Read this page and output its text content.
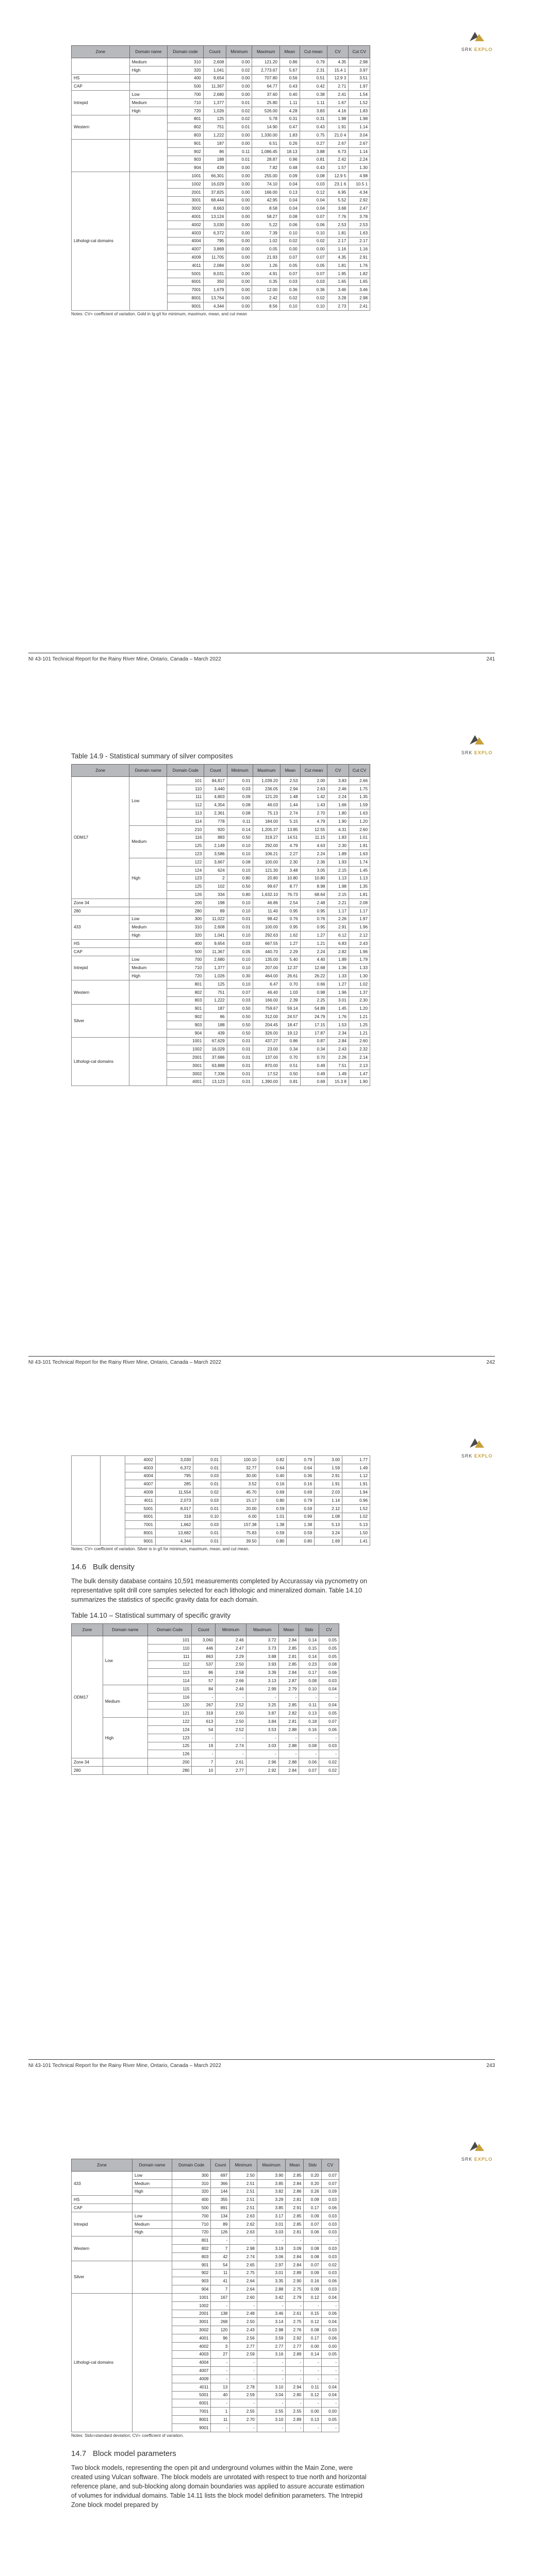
SRK EXPLO
Zone	Domain name	Domain code	Count	Minimum	Maximum	Mean	Cut mean	CV	Cut CV
	Medium	310	2,608	0.00	121.20	0.86	0.79	4.35	2.98
	High	320	1,041	0.02	2,773.67	5.67	2.31	15.4 1	3.97
HS		400	9,654	0.00	707.80	0.56	0.51	12.9 3	3.51
CAP		500	11,367	0.00	64.77	0.43	0.42	2.71	1.97
Intrepid	Low	700	2,680	0.00	37.60	0.40	0.38	2.41	1.54
	Medium	710	1,377	0.01	25.80	1.11	1.11	1.67	1.52
	High	720	1,026	0.02	526.00	4.28	3.83	4.16	1.83
Western		801	125	0.02	5.78	0.31	0.31	1.98	1.98
		802	751	0.01	14.90	0.47	0.43	1.91	1.14
		803	1,222	0.00	1,330.00	1.83	0.75	21.0 4	3.04
		901	187	0.00	6.51	0.26	0.27	2.67	2.67
		902	86	0.11	1,086.45	18.13	3.88	6.73	1.14
		903	188	0.01	28.87	0.96	0.81	2.42	2.24
		904	439	0.00	7.82	0.48	0.43	1.57	1.30
Lithologi-cal domains		1001	66,301	0.00	255.00	0.09	0.08	12.9 5	4.98
		1002	16,029	0.00	74.10	0.04	0.03	23.1 6	10.5 1
		2001	37,825	0.00	166.00	0.13	0.12	6.95	4.34
		3001	68,444	0.00	42.95	0.04	0.04	5.52	2.92
		3002	8,663	0.00	8.58	0.04	0.04	3.68	2.47
		4001	13,124	0.00	58.27	0.08	0.07	7.76	3.78
		4002	3,030	0.00	5.22	0.06	0.06	2.53	2.53
		4003	6,372	0.00	7.39	0.10	0.10	1.81	1.63
		4004	795	0.00	1.02	0.02	0.02	2.17	2.17
		4007	3,869	0.00	0.05	0.00	0.00	1.16	1.16
		4009	11,705	0.00	21.93	0.07	0.07	4.35	2.91
		4011	2,084	0.00	1.26	0.05	0.05	1.81	1.76
		5001	8,031	0.00	4.91	0.07	0.07	1.95	1.82
		6001	350	0.00	0.35	0.03	0.03	1.65	1.65
		7001	1,679	0.00	12.00	0.36	0.36	3.46	3.46
		8001	13,764	0.00	2.42	0.02	0.02	3.28	2.98
		9001	4,344	0.00	8.56	0.10	0.10	2.73	2.41
Notes: CV= coefficient of variation. Gold in Ig g/t for minimum, maximum, mean, and cut mean
NI 43-101 Technical Report for the Rainy River Mine, Ontario, Canada – March 2022	241
SRK EXPLO
Table 14.9 - Statistical summary of silver composites
Zone	Domain name	Domain Code	Count	Minimum	Maximum	Mean	Cut mean	CV	Cut CV
ODM17	Low	101	84,817	0.01	1,039.20	2.53	2.00	3.83	2.66
		110	3,440	0.03	236.05	2.94	2.63	2.46	1.75
		111	4,803	0.09	121.20	1.48	1.42	2.24	1.35
		112	4,354	0.08	46.03	1.44	1.43	1.66	1.59
		113	2,361	0.08	75.13	2.74	2.70	1.80	1.63
		114	778	0.11	184.00	5.15	4.79	1.90	1.20
	Medium	210	920	0.14	1,205.37	13.85	12.55	4.31	2.60
		116	883	0.50	319.27	14.51	11.15	1.83	1.01
		125	2,149	0.10	292.00	4.79	4.63	2.30	1.91
		123	3,586	0.10	106.21	2.27	2.24	1.89	1.63
	High	122	3,667	0.08	100.00	2.30	2.36	1.93	1.74
		124	624	0.10	121.30	3.48	3.05	2.15	1.45
		123	2	0.80	20.80	10.80	10.80	1.13	1.13
		125	102	0.50	99.67	8.77	8.98	1.98	1.35
		126	334	0.80	1,632.10	76.73	68.64	2.15	1.81
Zone 34		200	198	0.10	46.86	2.54	2.48	2.21	2.08
280		280	89	0.10	11.40	0.95	0.95	1.17	1.17
433	Low	300	11,022	0.01	98.42	0.76	0.76	2.26	1.97
	Medium	310	2,608	0.01	100.00	0.95	0.95	2.91	1.96
	High	320	1,041	0.10	292.63	1.62	1.27	6.12	2.12
HS		400	9,654	0.03	667.55	1.27	1.21	6.83	2.43
CAP		500	11,367	0.05	440.70	2.29	2.24	2.82	1.96
Intrepid	Low	700	2,680	0.10	135.00	5.40	4.40	1.89	1.79
	Medium	710	1,377	0.10	207.00	12.37	12.68	1.36	1.33
	High	720	1,026	0.30	464.00	26.61	26.22	1.33	1.30
Western		801	125	0.10	6.47	0.70	0.66	1.27	1.02
		802	751	0.07	46.40	1.03	0.98	1.96	1.37
		803	1,222	0.03	166.00	2.39	2.25	3.01	2.30
Silver		901	187	0.50	759.67	59.14	54.89	1.45	1.20
		902	86	0.50	312.00	24.57	24.79	1.76	1.21
		903	188	0.50	204.45	18.47	17.15	1.53	1.25
		904	439	0.50	326.00	19.12	17.87	2.34	1.21
Lithologi-cal domains		1001	67,629	0.01	437.27	0.86	0.87	2.84	2.60
		1002	16,029	0.01	23.00	0.34	0.34	2.43	2.32
		2001	37,686	0.01	137.00	0.70	0.70	2.26	2.14
		3001	63,888	0.01	870.00	0.51	0.49	7.51	2.13
		3002	7,336	0.01	17.52	0.50	0.49	1.49	1.47
		4001	13,123	0.01	1,390.00	0.81	0.69	15.3 8	1.90
NI 43-101 Technical Report for the Rainy River Mine, Ontario, Canada – March 2022	242
SRK EXPLO
		4002	3,030	0.01	100.10	0.82	0.79	3.00	1.77
		4003	6,372	0.01	32.77	0.64	0.64	1.59	1.49
		4004	795	0.03	30.00	0.40	0.36	2.91	1.12
		4007	285	0.01	3.52	0.16	0.16	1.91	1.91
		4009	11,554	0.02	45.70	0.69	0.69	2.03	1.94
		4011	2,073	0.03	15.17	0.80	0.79	1.14	0.96
		5001	8,017	0.01	20.00	0.59	0.59	2.12	1.52
		6001	318	0.10	6.00	1.01	0.99	1.08	1.02
		7001	1,662	0.03	157.38	1.38	1.38	5.13	5.13
		8001	13,682	0.01	75.83	0.59	0.59	3.24	1.50
		9001	4,344	0.01	39.50	0.80	0.80	1.69	1.41
Notes: CV= coefficient of variation. Silver is in g/t for minimum, maximum, mean, and cut mean.
14.6 Bulk density

The bulk density database contains 10,591 measurements completed by Accurassay via pycnometry on representative split drill core samples selected for each lithologic and mineralized domain. Table 14.10 summarizes the statistics of specific gravity data for each domain.

Table 14.10 – Statistical summary of specific gravity
Zone	Domain name	Domain Code	Count	Minimum	Maximum	Mean	Stdv	CV
ODM17	Low	101	3,060	2.46	3.72	2.84	0.14	0.05
		110	446	2.47	3.73	2.85	0.15	0.05
		111	863	2.29	3.88	2.81	0.14	0.05
		112	537	2.50	3.93	2.85	0.23	0.08
		113	86	2.58	3.39	2.84	0.17	0.06
		114	57	2.66	3.13	2.87	0.08	0.03
	Medium	115	84	2.46	2.99	2.79	0.10	0.04
		116	-	-	-	-	-	-
		120	267	2.52	3.25	2.85	0.11	0.04
		121	319	2.50	3.87	2.82	0.13	0.05
	High	122	613	2.50	3.84	2.81	0.18	0.07
		124	54	2.52	3.53	2.88	0.16	0.06
		123	-	-	-	-	-	-
		125	19	2.74	3.03	2.88	0.08	0.03
		126	-	-	-	-	-	-
Zone 34		200	7	2.61	2.96	2.88	0.06	0.02
280		280	10	2.77	2.92	2.84	0.07	0.02
NI 43-101 Technical Report for the Rainy River Mine, Ontario, Canada – March 2022	243
SRK EXPLO
Zone	Domain name	Domain Code	Count	Minimum	Maximum	Mean	Stdv	CV
433	Low	300	697	2.50	3.90	2.85	0.20	0.07
	Medium	310	366	2.51	3.85	2.84	0.20	0.07
	High	320	144	2.51	3.82	2.86	0.26	0.09
HS		400	355	2.51	3.29	2.81	0.09	0.03
CAP		500	891	2.51	3.85	2.91	0.17	0.06
Intrepid	Low	700	134	2.63	3.17	2.85	0.09	0.03
	Medium	710	89	2.62	3.01	2.85	0.07	0.03
	High	720	126	2.63	3.03	2.81	0.06	0.03
Western		801	-	-	-	-	-	-
		802	7	2.98	3.19	3.09	0.08	0.03
		803	42	2.74	3.06	2.84	0.08	0.03
Silver		901	54	2.65	2.97	2.84	0.07	0.02
		902	11	2.75	3.01	2.89	0.09	0.03
		903	41	2.64	3.35	2.90	0.16	0.06
		904	7	2.64	2.88	2.75	0.09	0.03
Lithologi-cal domains		1001	167	2.60	3.42	2.79	0.12	0.04
		1002	-	-	-	-	-	-
		2001	138	2.48	3.46	2.61	0.15	0.06
		3001	268	2.50	3.14	2.75	0.12	0.04
		3002	120	2.43	2.98	2.76	0.08	0.03
		4001	96	2.56	3.59	2.92	0.17	0.06
		4002	3	2.77	2.77	2.77	0.00	0.00
		4003	27	2.59	3.16	2.89	0.14	0.05
		4004	-	-	-	-	-	-
		4007	-	-	-	-	-	-
		4009	-	-	-	-	-	-
		4011	13	2.78	3.10	2.94	0.11	0.04
		5001	40	2.59	3.04	2.80	0.12	0.04
		6001	-	-	-	-	-	-
		7001	1	2.55	2.55	2.55	0.00	0.00
		8001	11	2.70	3.10	2.89	0.13	0.05
		9001	-	-	-	-	-	-
Notes: Stdv=standard deviation; CV= coefficient of variation.
14.7 Block model parameters

Two block models, representing the open pit and underground volumes within the Main Zone, were created using Vulcan software. The block models are unrotated with respect to true north and horizontal reference plane, and sub-blocking along domain boundaries was applied to assure accurate estimation of volumes for individual domains. Table 14.11 lists the block model definition parameters. The Intrepid Zone block model prepared by
